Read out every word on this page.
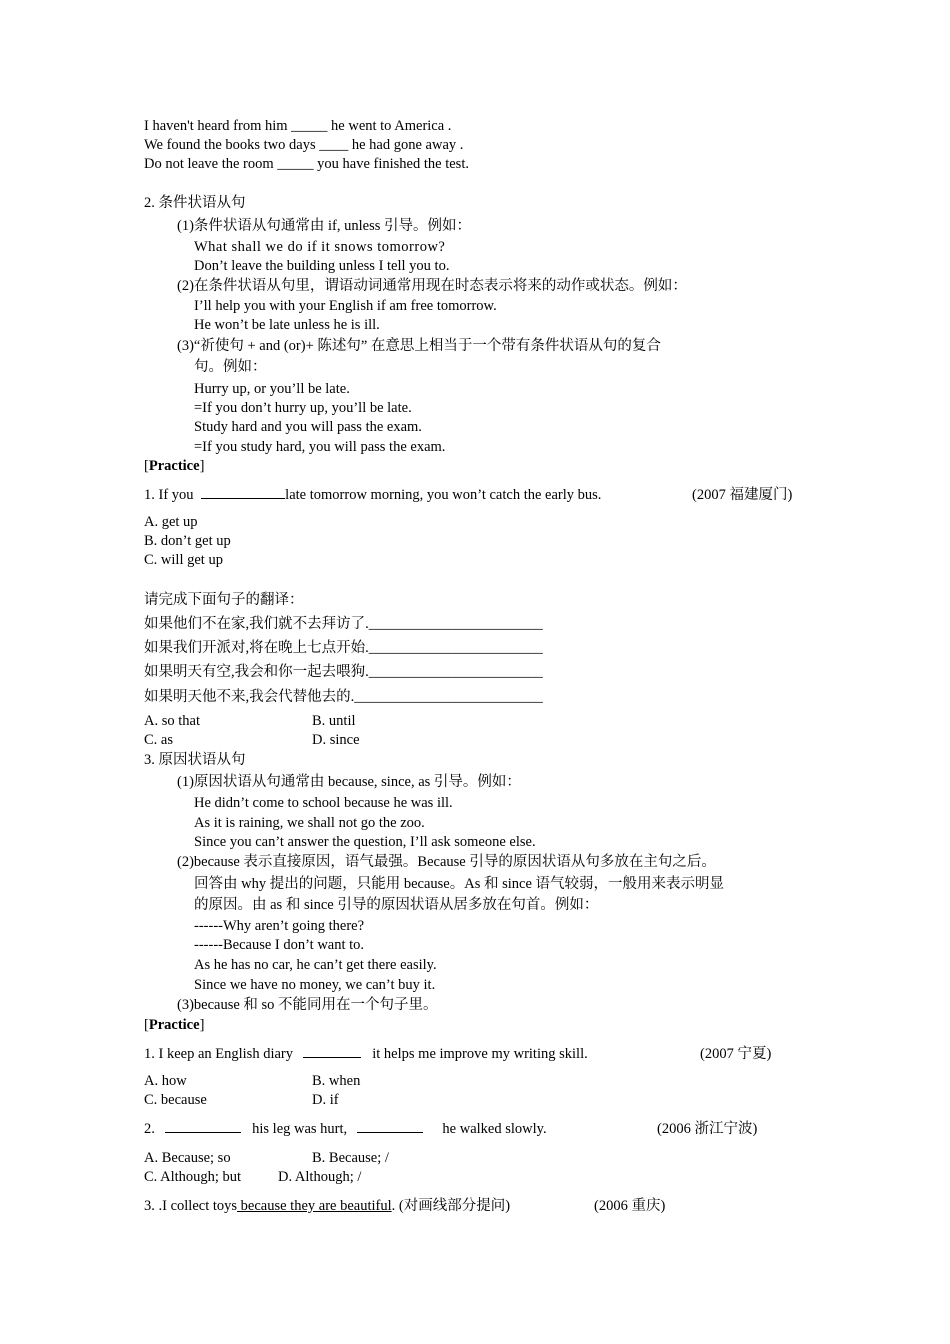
I haven't heard from him _____ he went to America .
We found the books two days ____ he had gone away .
Do not leave the room _____ you have finished the test.
2. 条件状语从句
(1)条件状语从句通常由 if, unless 引导。例如：
What shall we do if it snows tomorrow?
Don’t leave the building unless I tell you to.
(2)在条件状语从句里，谓语动词通常用现在时态表示将来的动作或状态。例如：
I’ll help you with your English if am free tomorrow.
He won’t be late unless he is ill.
(3)“祈使句 + and (or)+ 陈述句” 在意思上相当于一个带有条件状语从句的复合
句。例如：
Hurry up, or you’ll be late.
=If you don’t hurry up, you’ll be late.
Study hard and you will pass the exam.
=If you study hard, you will pass the exam.
[Practice]
1. If you	late tomorrow morning, you won’t catch the early bus.	(2007 福建厦门)
A. get up
B. don’t get up
C. will get up
请完成下面句子的翻译：
如果他们不在家,我们就不去拜访了.________________________
如果我们开派对,将在晚上七点开始.________________________
如果明天有空,我会和你一起去喂狗.________________________
如果明天他不来,我会代替他去的.__________________________
A. so that	B. until
C. as	D. since
3. 原因状语从句
(1)原因状语从句通常由 because, since, as 引导。例如：
He didn’t come to school because he was ill.
As it is raining, we shall not go the zoo.
Since you can’t answer the question, I’ll ask someone else.
(2)because 表示直接原因，语气最强。Because 引导的原因状语从句多放在主句之后。
回答由 why 提出的问题，只能用 because。As 和 since 语气较弱，一般用来表示明显
的原因。由 as 和 since 引导的原因状语从居多放在句首。例如：
------Why aren’t going there?
------Because I don’t want to.
As he has no car, he can’t get there easily.
Since we have no money, we can’t buy it.
(3)because 和 so 不能同用在一个句子里。
[Practice]
1. I keep an English diary	it helps me improve my writing skill.	(2007 宁夏)
A. how	B. when
C. because	D. if
2.	his leg was hurt,	he walked slowly.	(2006 浙江宁波)
A. Because; so	B. Because; /
C. Although; but	D. Although; /
3. .I collect toys because they are beautiful. (对画线部分提问)	(2006 重庆)
